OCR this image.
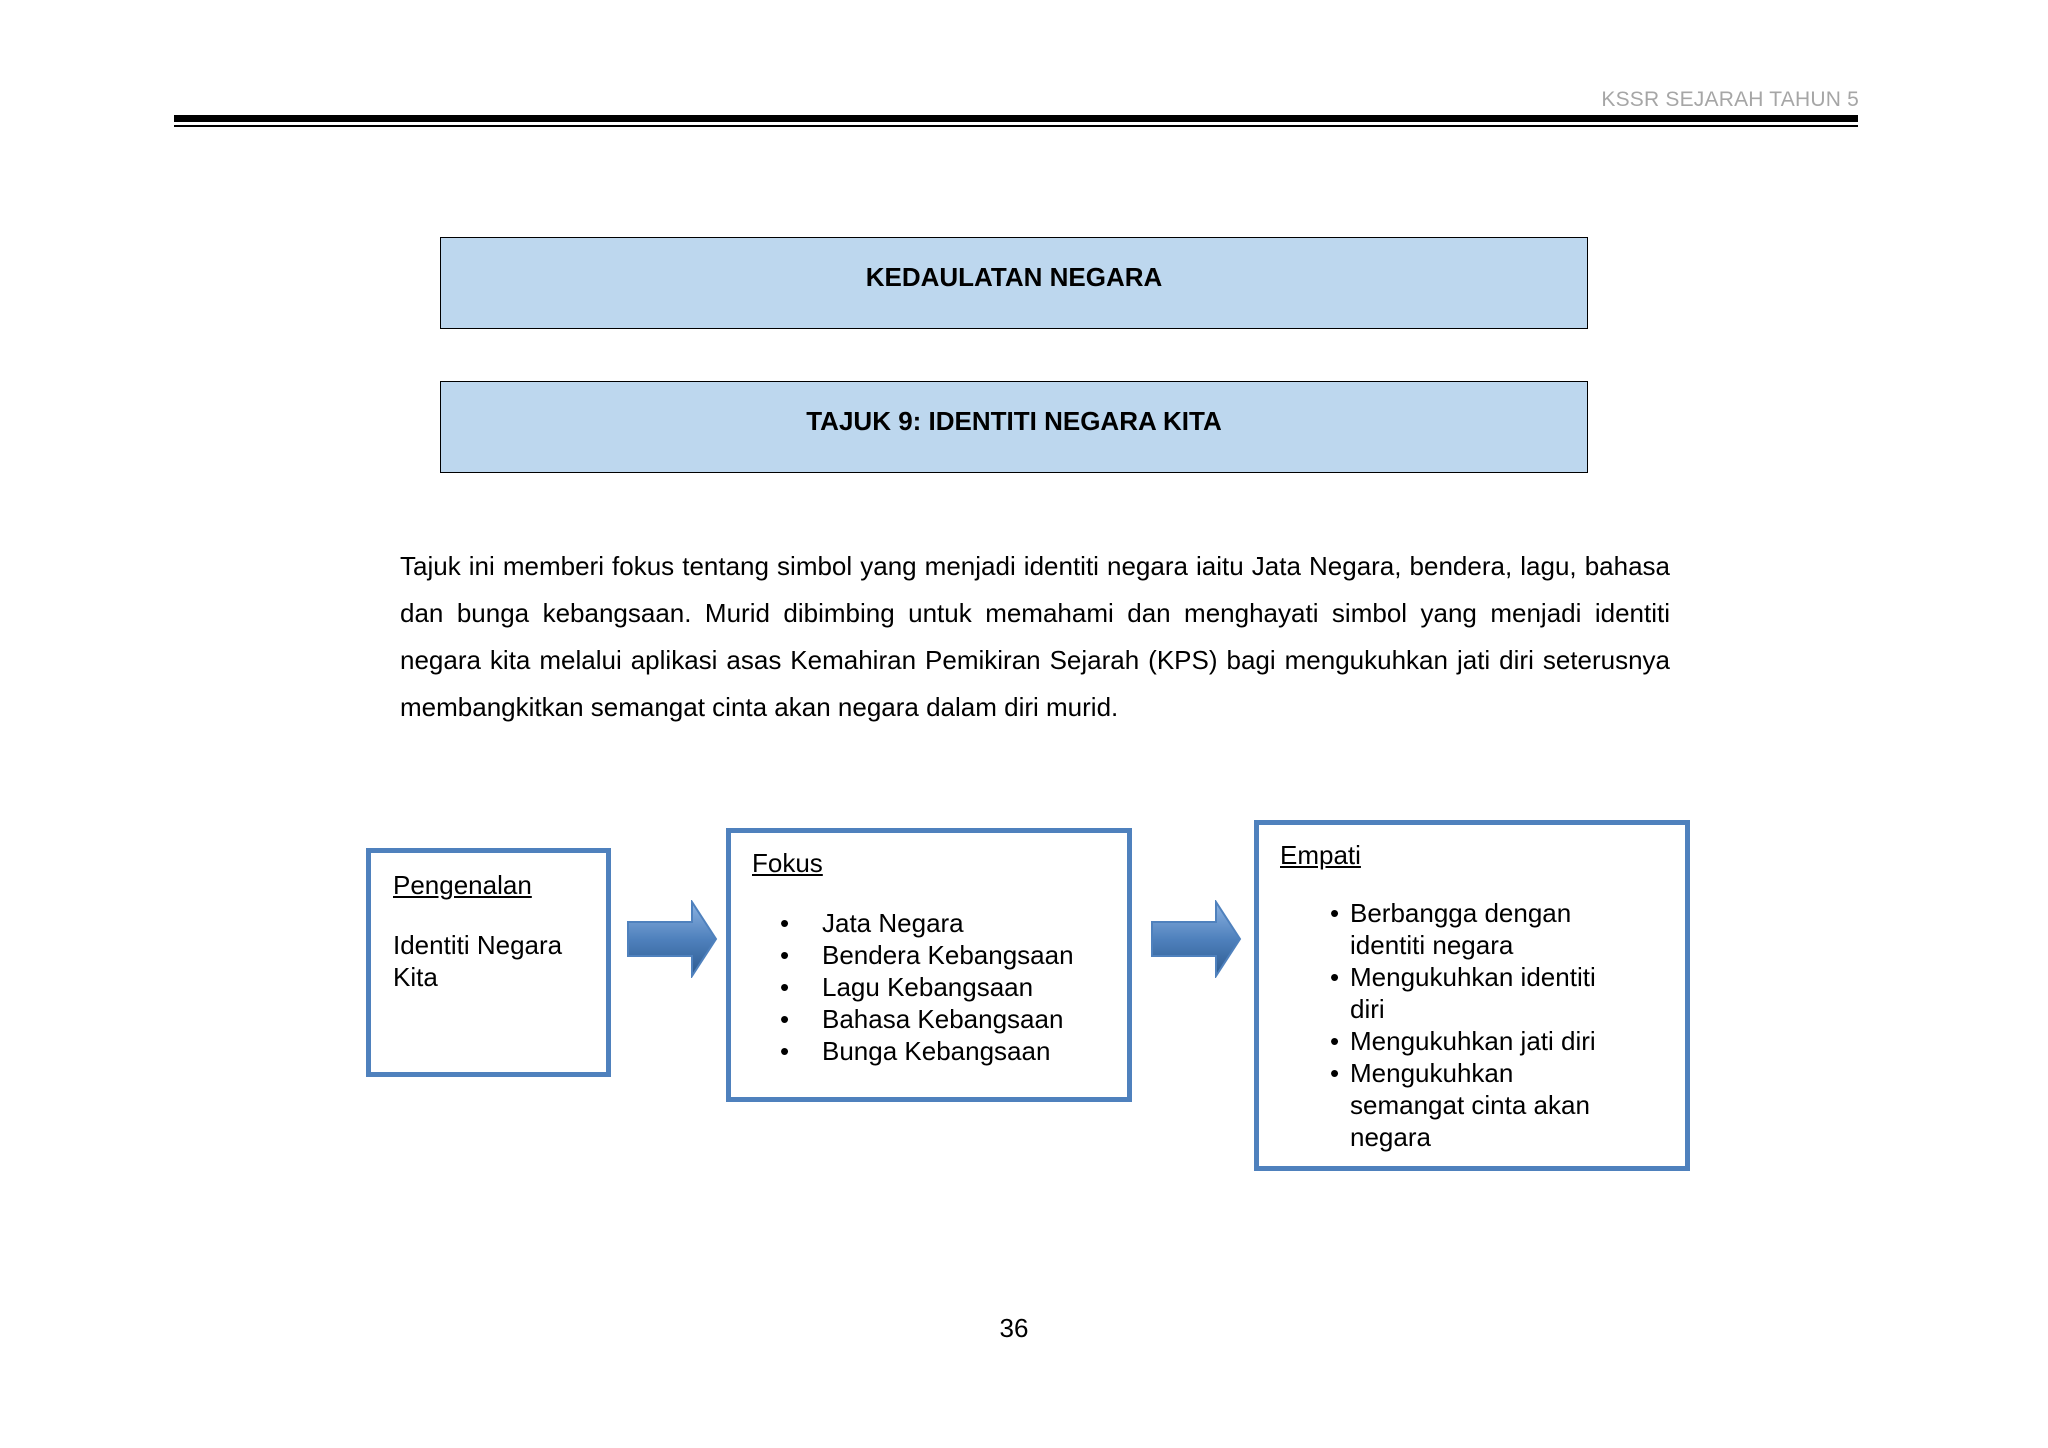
KSSR SEJARAH TAHUN 5
KEDAULATAN NEGARA
TAJUK 9: IDENTITI NEGARA KITA
Tajuk ini memberi fokus tentang simbol yang menjadi identiti negara iaitu Jata Negara, bendera, lagu, bahasa dan bunga kebangsaan. Murid dibimbing untuk memahami dan menghayati simbol yang menjadi identiti negara kita melalui aplikasi asas Kemahiran Pemikiran Sejarah (KPS) bagi mengukuhkan jati diri seterusnya membangkitkan semangat cinta akan negara dalam diri murid.
Pengenalan
Identiti Negara Kita
Fokus
• Jata Negara
• Bendera Kebangsaan
• Lagu Kebangsaan
• Bahasa Kebangsaan
• Bunga Kebangsaan
Empati
• Berbangga dengan identiti negara
• Mengukuhkan identiti diri
• Mengukuhkan jati diri
• Mengukuhkan semangat cinta akan negara
36
